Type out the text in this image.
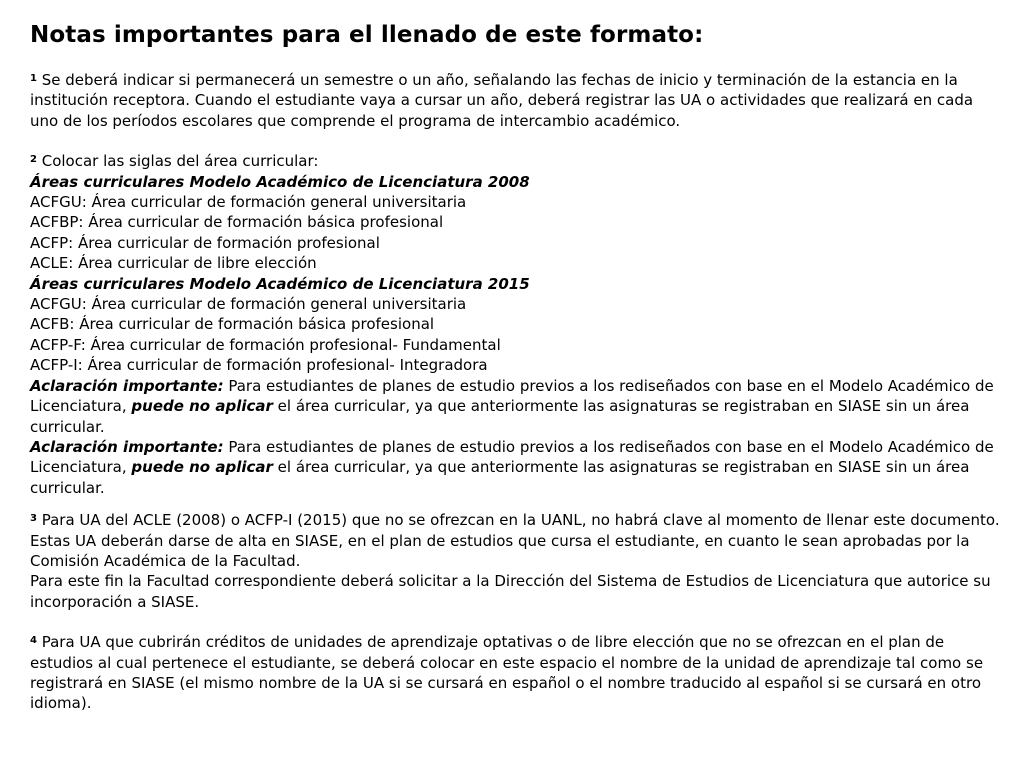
Notas importantes para el llenado de este formato:

$^1$ Se deberá indicar si permanecerá un semestre o un año, señalando las fechas de inicio y terminación de la estancia en la institución receptora. Cuando el estudiante vaya a cursar un año, deberá registrar las UA o actividades que realizará en cada uno de los períodos escolares que comprende el programa de intercambio académico.

$^2$ Colocar las siglas del área curricular:
Áreas curriculares Modelo Académico de Licenciatura 2008
ACFGU: Área curricular de formación general universitaria
ACFBP: Área curricular de formación básica profesional
ACFP: Área curricular de formación profesional
ACLE: Área curricular de libre elección
Áreas curriculares Modelo Académico de Licenciatura 2015
ACFGU: Área curricular de formación general universitaria
ACFB: Área curricular de formación básica profesional
ACFP-F: Área curricular de formación profesional- Fundamental
ACFP-I: Área curricular de formación profesional- Integradora

Aclaración importante: Para estudiantes de planes de estudio previos a los rediseñados con base en el Modelo Académico de Licenciatura, puede no aplicar el área curricular, ya que anteriormente las asignaturas se registraban en SIASE sin un área curricular.

Aclaración importante: Para estudiantes de planes de estudio previos a los rediseñados con base en el Modelo Académico de Licenciatura, puede no aplicar el área curricular, ya que anteriormente las asignaturas se registraban en SIASE sin un área curricular.

$^3$ Para UA del ACLE (2008) o ACFP-I (2015) que no se ofrezcan en la UANL, no habrá clave al momento de llenar este documento. Estas UA deberán darse de alta en SIASE, en el plan de estudios que cursa el estudiante, en cuanto le sean aprobadas por la Comisión Académica de la Facultad.

Para este fin la Facultad correspondiente deberá solicitar a la Dirección del Sistema de Estudios de Licenciatura que autorice su incorporación a SIASE.

$^4$ Para UA que cubrirán créditos de unidades de aprendizaje optativas o de libre elección que no se ofrezcan en el plan de estudios al cual pertenece el estudiante, se deberá colocar en este espacio el nombre de la unidad de aprendizaje tal como se registrará en SIASE (el mismo nombre de la UA si se cursará en español o el nombre traducido al español si se cursará en otro idioma).
